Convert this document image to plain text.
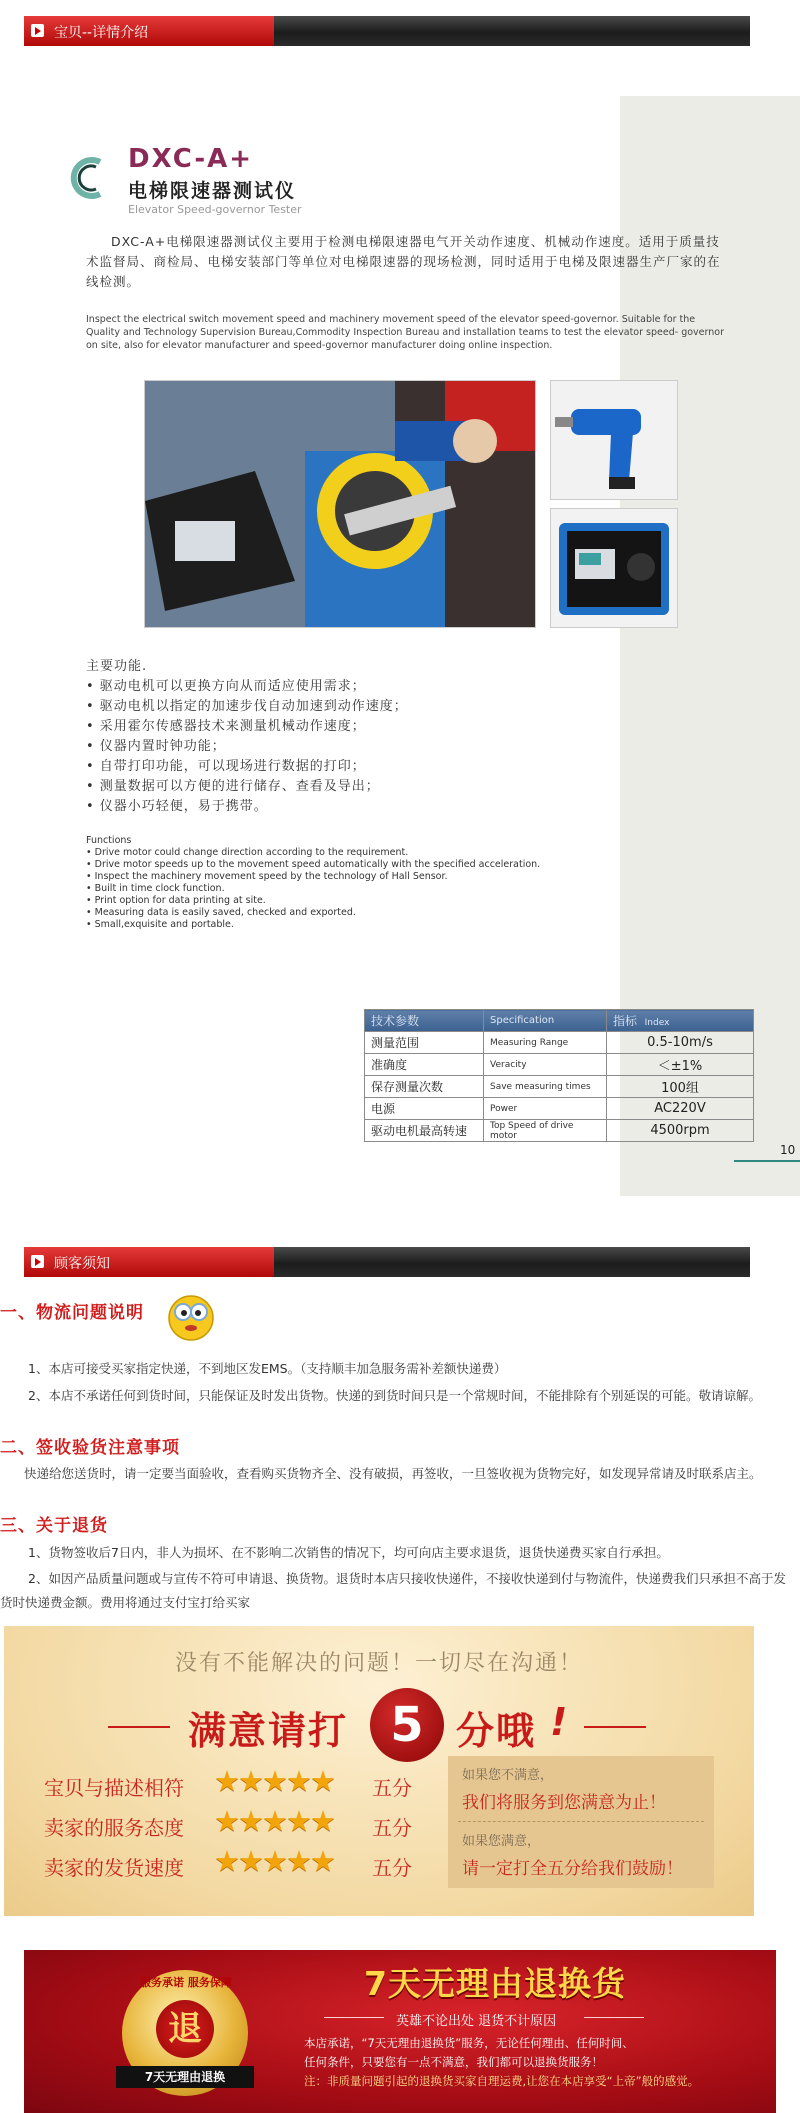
宝贝--详情介绍
DXC-A+
电梯限速器测试仪
Elevator Speed-governor Tester
DXC-A+电梯限速器测试仪主要用于检测电梯限速器电气开关动作速度、机械动作速度。适用于质量技术监督局、商检局、电梯安装部门等单位对电梯限速器的现场检测，同时适用于电梯及限速器生产厂家的在线检测。
Inspect the electrical switch movement speed and machinery movement speed of the elevator speed-governor. Suitable for the Quality and Technology Supervision Bureau,Commodity Inspection Bureau and installation teams to test the elevator speed- governor on site, also for elevator manufacturer and speed-governor manufacturer doing online inspection.
主要功能.
• 驱动电机可以更换方向从而适应使用需求；
• 驱动电机以指定的加速步伐自动加速到动作速度；
• 采用霍尔传感器技术来测量机械动作速度；
• 仪器内置时钟功能；
• 自带打印功能，可以现场进行数据的打印；
• 测量数据可以方便的进行储存、查看及导出；
• 仪器小巧轻便，易于携带。
Functions
• Drive motor could change direction according to the requirement.
• Drive motor speeds up to the movement speed automatically with the specified acceleration.
• Inspect the machinery movement speed by the technology of Hall Sensor.
• Built in time clock function.
• Print option for data printing at site.
• Measuring data is easily saved, checked and exported.
• Small,exquisite and portable.
技术参数	Specification	指标 Index
测量范围	Measuring Range	0.5-10m/s
准确度	Veracity	＜±1%
保存测量次数	Save measuring times	100组
电源	Power	AC220V
驱动电机最高转速	Top Speed of drive motor	4500rpm
10
顾客须知
一、物流问题说明
1、本店可接受买家指定快递，不到地区发EMS。（支持顺丰加急服务需补差额快递费）
2、本店不承诺任何到货时间，只能保证及时发出货物。快递的到货时间只是一个常规时间，不能排除有个别延误的可能。敬请谅解。
二、签收验货注意事项
快递给您送货时，请一定要当面验收，查看购买货物齐全、没有破损，再签收，一旦签收视为货物完好，如发现异常请及时联系店主。
三、关于退货
1、货物签收后7日内，非人为损坏、在不影响二次销售的情况下，均可向店主要求退货，退货快递费买家自行承担。
2、如因产品质量问题或与宣传不符可申请退、换货物。退货时本店只接收快递件，不接收快递到付与物流件，快递费我们只承担不高于发货时快递费金额。费用将通过支付宝打给买家
没有不能解决的问题！一切尽在沟通！
满意请打 5 分哦 !
宝贝与描述相符 ★★★★★ 五分
卖家的服务态度 ★★★★★ 五分
卖家的发货速度 ★★★★★ 五分
如果您不满意，
我们将服务到您满意为止！
如果您满意，
请一定打全五分给我们鼓励！
服务承诺 服务保障
退
7天无理由退换
7天无理由退换货
英雄不论出处 退货不计原因
本店承诺，“7天无理由退换货”服务，无论任何理由、任何时间、
任何条件，只要您有一点不满意，我们都可以退换货服务！
注：非质量问题引起的退换货买家自理运费,让您在本店享受“上帝”般的感觉。
